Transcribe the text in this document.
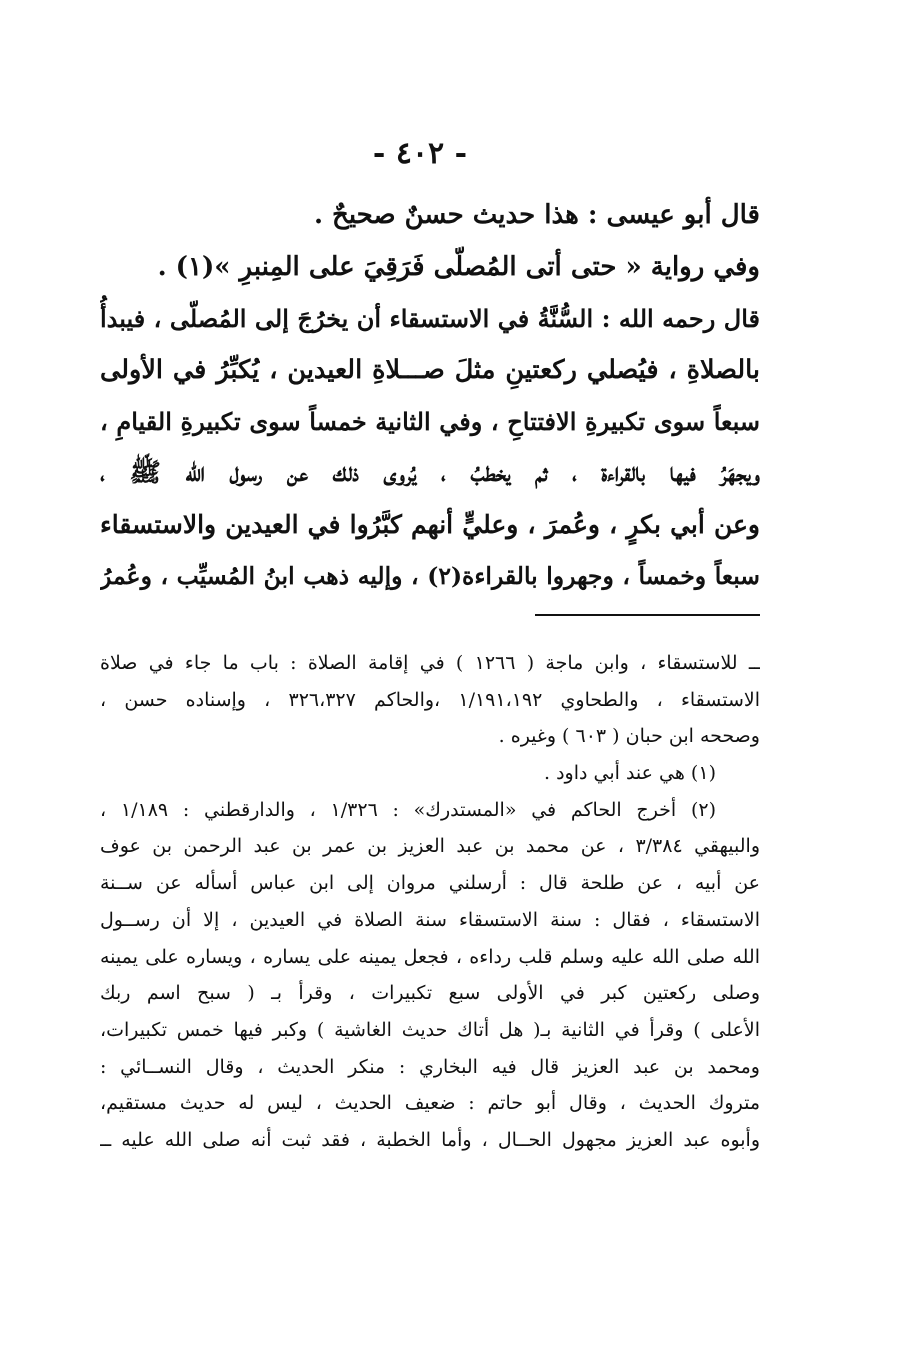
- ٤٠٢ -
قال أبو عيسى : هذا حديث حسنٌ صحيحٌ .
وفي رواية « حتى أتى المُصلّى فَرَقِيَ على المِنبرِ »(١) .
قال رحمه الله : السُّنَّةُ في الاستسقاء أن يخرُجَ إلى المُصلّى ، فيبدأُ
بالصلاةِ ، فيُصلي ركعتينِ مثلَ صـــلاةِ العيدين ، يُكبِّرُ في الأولى
سبعاً سوى تكبيرةِ الافتتاحِ ، وفي الثانية خمساً سوى تكبيرةِ القيامِ ،
ويجهَرُ فيها بالقراءة ، ثم يخطبُ ، يُروى ذلك عن رسول الله ﷺ ،
وعن أبي بكرٍ ، وعُمرَ ، وعليٍّ أنهم كبَّرُوا في العيدين والاستسقاء
سبعاً وخمساً ، وجهروا بالقراءة(٢) ، وإليه ذهب ابنُ المُسيِّب ، وعُمرُ
ــ للاستسقاء ، وابن ماجة ( ١٢٦٦ ) في إقامة الصلاة : باب ما جاء في صلاة
الاستسقاء ، والطحاوي ١/١٩١،١٩٢ ،والحاكم ٣٢٦،٣٢٧ ، وإسناده حسن ،
وصححه ابن حبان ( ٦٠٣ ) وغيره .
(١) هي عند أبي داود .
(٢) أخرج الحاكم في «المستدرك» : ١/٣٢٦ ، والدارقطني : ١/١٨٩ ،
والبيهقي ٣/٣٨٤ ، عن محمد بن عبد العزيز بن عمر بن عبد الرحمن بن عوف
عن أبيه ، عن طلحة قال : أرسلني مروان إلى ابن عباس أسأله عن ســنة
الاستسقاء ، فقال : سنة الاستسقاء سنة الصلاة في العيدين ، إلا أن رســول
الله صلى الله عليه وسلم قلب رداءه ، فجعل يمينه على يساره ، ويساره على يمينه
وصلى ركعتين كبر في الأولى سبع تكبيرات ، وقرأ بـ ( سبح اسم ربك
الأعلى ) وقرأ في الثانية بـ( هل أتاك حديث الغاشية ) وكبر فيها خمس تكبيرات،
ومحمد بن عبد العزيز قال فيه البخاري : منكر الحديث ، وقال النســائي :
متروك الحديث ، وقال أبو حاتم : ضعيف الحديث ، ليس له حديث مستقيم،
وأبوه عبد العزيز مجهول الحــال ، وأما الخطبة ، فقد ثبت أنه صلى الله عليه ــ
